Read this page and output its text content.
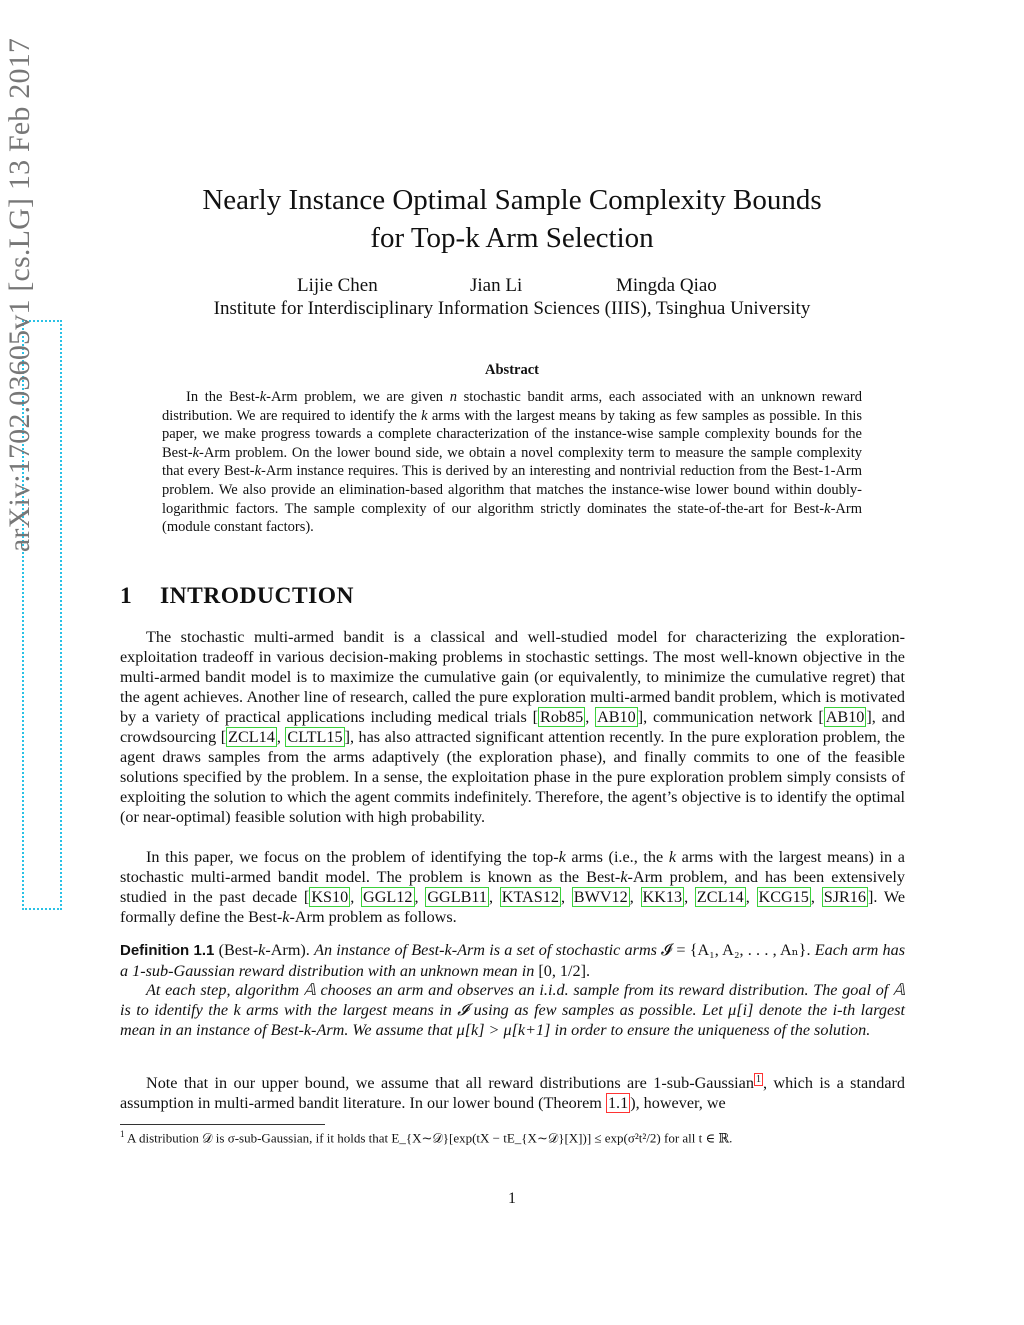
arXiv:1702.03605v1 [cs.LG] 13 Feb 2017	Nearly Instance Optimal Sample Complexity Bounds
for Top-k Arm Selection
Lijie Chen	Jian Li	Mingda Qiao
Institute for Interdisciplinary Information Sciences (IIIS), Tsinghua University
Abstract

In the Best-k-Arm problem, we are given n stochastic bandit arms, each associated with an unknown reward distribution. We are required to identify the k arms with the largest means by taking as few samples as possible. In this paper, we make progress towards a complete characterization of the instance-wise sample complexity bounds for the Best-k-Arm problem. On the lower bound side, we obtain a novel complexity term to measure the sample complexity that every Best-k-Arm instance requires. This is derived by an interesting and nontrivial reduction from the Best-1-Arm problem. We also provide an elimination-based algorithm that matches the instance-wise lower bound within doubly-logarithmic factors. The sample complexity of our algorithm strictly dominates the state-of-the-art for Best-k-Arm (module constant factors).

1 INTRODUCTION

The stochastic multi-armed bandit is a classical and well-studied model for characterizing the exploration-exploitation tradeoff in various decision-making problems in stochastic settings. The most well-known objective in the multi-armed bandit model is to maximize the cumulative gain (or equivalently, to minimize the cumulative regret) that the agent achieves. Another line of research, called the pure exploration multi-armed bandit problem, which is motivated by a variety of practical applications including medical trials [ Rob85 , AB10 ], communication network [ AB10 ], and crowdsourcing [ ZCL14 , CLTL15 ], has also attracted significant attention recently. In the pure exploration problem, the agent draws samples from the arms adaptively (the exploration phase), and finally commits to one of the feasible solutions specified by the problem. In a sense, the exploitation phase in the pure exploration problem simply consists of exploiting the solution to which the agent commits indefinitely. Therefore, the agent’s objective is to identify the optimal (or near-optimal) feasible solution with high probability.

In this paper, we focus on the problem of identifying the top-k arms (i.e., the k arms with the largest means) in a stochastic multi-armed bandit model. The problem is known as the Best-k-Arm problem, and has been extensively studied in the past decade [ KS10 , GGL12 , GGLB11 , KTAS12 , BWV12 , KK13 , ZCL14 , KCG15 , SJR16 ]. We formally define the Best-k-Arm problem as follows.

Definition 1.1 (Best-k-Arm). An instance of Best-k-Arm is a set of stochastic arms 𝓘 = {A₁, A₂, . . . , Aₙ}. Each arm has a 1-sub-Gaussian reward distribution with an unknown mean in [0, 1/2].

At each step, algorithm 𝔸 chooses an arm and observes an i.i.d. sample from its reward distribution. The goal of 𝔸 is to identify the k arms with the largest means in 𝓘 using as few samples as possible. Let μ[i] denote the i-th largest mean in an instance of Best-k-Arm. We assume that μ[k] > μ[k+1] in order to ensure the uniqueness of the solution.

Note that in our upper bound, we assume that all reward distributions are 1-sub-Gaussian $^1$ , which is a standard assumption in multi-armed bandit literature. In our lower bound (Theorem 1.1 ), however, we

$^1$ A distribution 𝒟 is σ-sub-Gaussian, if it holds that E_{X∼𝒟}[exp(tX − tE_{X∼𝒟}[X])] ≤ exp(σ²t²/2) for all t ∈ ℝ.

1
